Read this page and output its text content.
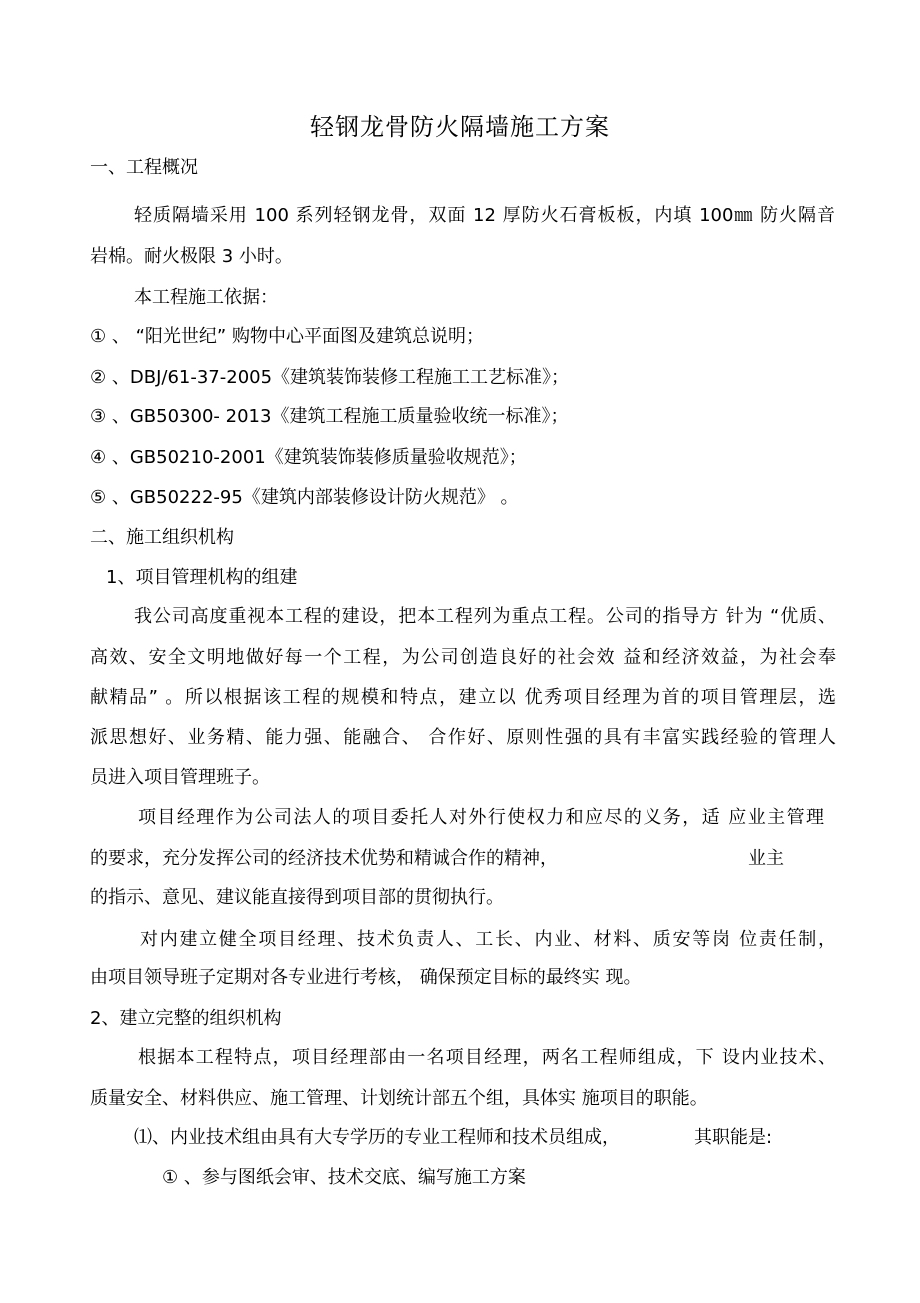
轻钢龙骨防火隔墙施工方案
一、工程概况
轻质隔墙采用 100 系列轻钢龙骨，双面 12 厚防火石膏板板，内填 100㎜ 防火隔音
岩棉。耐火极限 3 小时。
本工程施工依据：
① 、 “阳光世纪” 购物中心平面图及建筑总说明；
② 、DBJ/61-37-2005《建筑装饰装修工程施工工艺标准》；
③ 、GB50300- 2013《建筑工程施工质量验收统一标准》；
④ 、GB50210-2001《建筑装饰装修质量验收规范》；
⑤ 、GB50222-95《建筑内部装修设计防火规范》 。
二、施工组织机构
1、项目管理机构的组建
我公司高度重视本工程的建设，把本工程列为重点工程。公司的指导方 针为 “优质、
高效、安全文明地做好每一个工程，为公司创造良好的社会效 益和经济效益，为社会奉
献精品” 。所以根据该工程的规模和特点，建立以 优秀项目经理为首的项目管理层，选
派思想好、业务精、能力强、能融合、 合作好、原则性强的具有丰富实践经验的管理人
员进入项目管理班子。
项目经理作为公司法人的项目委托人对外行使权力和应尽的义务，适 应业主管理
的要求，充分发挥公司的经济技术优势和精诚合作的精神，	业主
的指示、意见、建议能直接得到项目部的贯彻执行。
对内建立健全项目经理、技术负责人、工长、内业、材料、质安等岗 位责任制，
由项目领导班子定期对各专业进行考核， 确保预定目标的最终实 现。
2、建立完整的组织机构
根据本工程特点，项目经理部由一名项目经理，两名工程师组成，下 设内业技术、
质量安全、材料供应、施工管理、计划统计部五个组，具体实 施项目的职能。
⑴、内业技术组由具有大专学历的专业工程师和技术员组成，	其职能是:
① 、参与图纸会审、技术交底、编写施工方案
